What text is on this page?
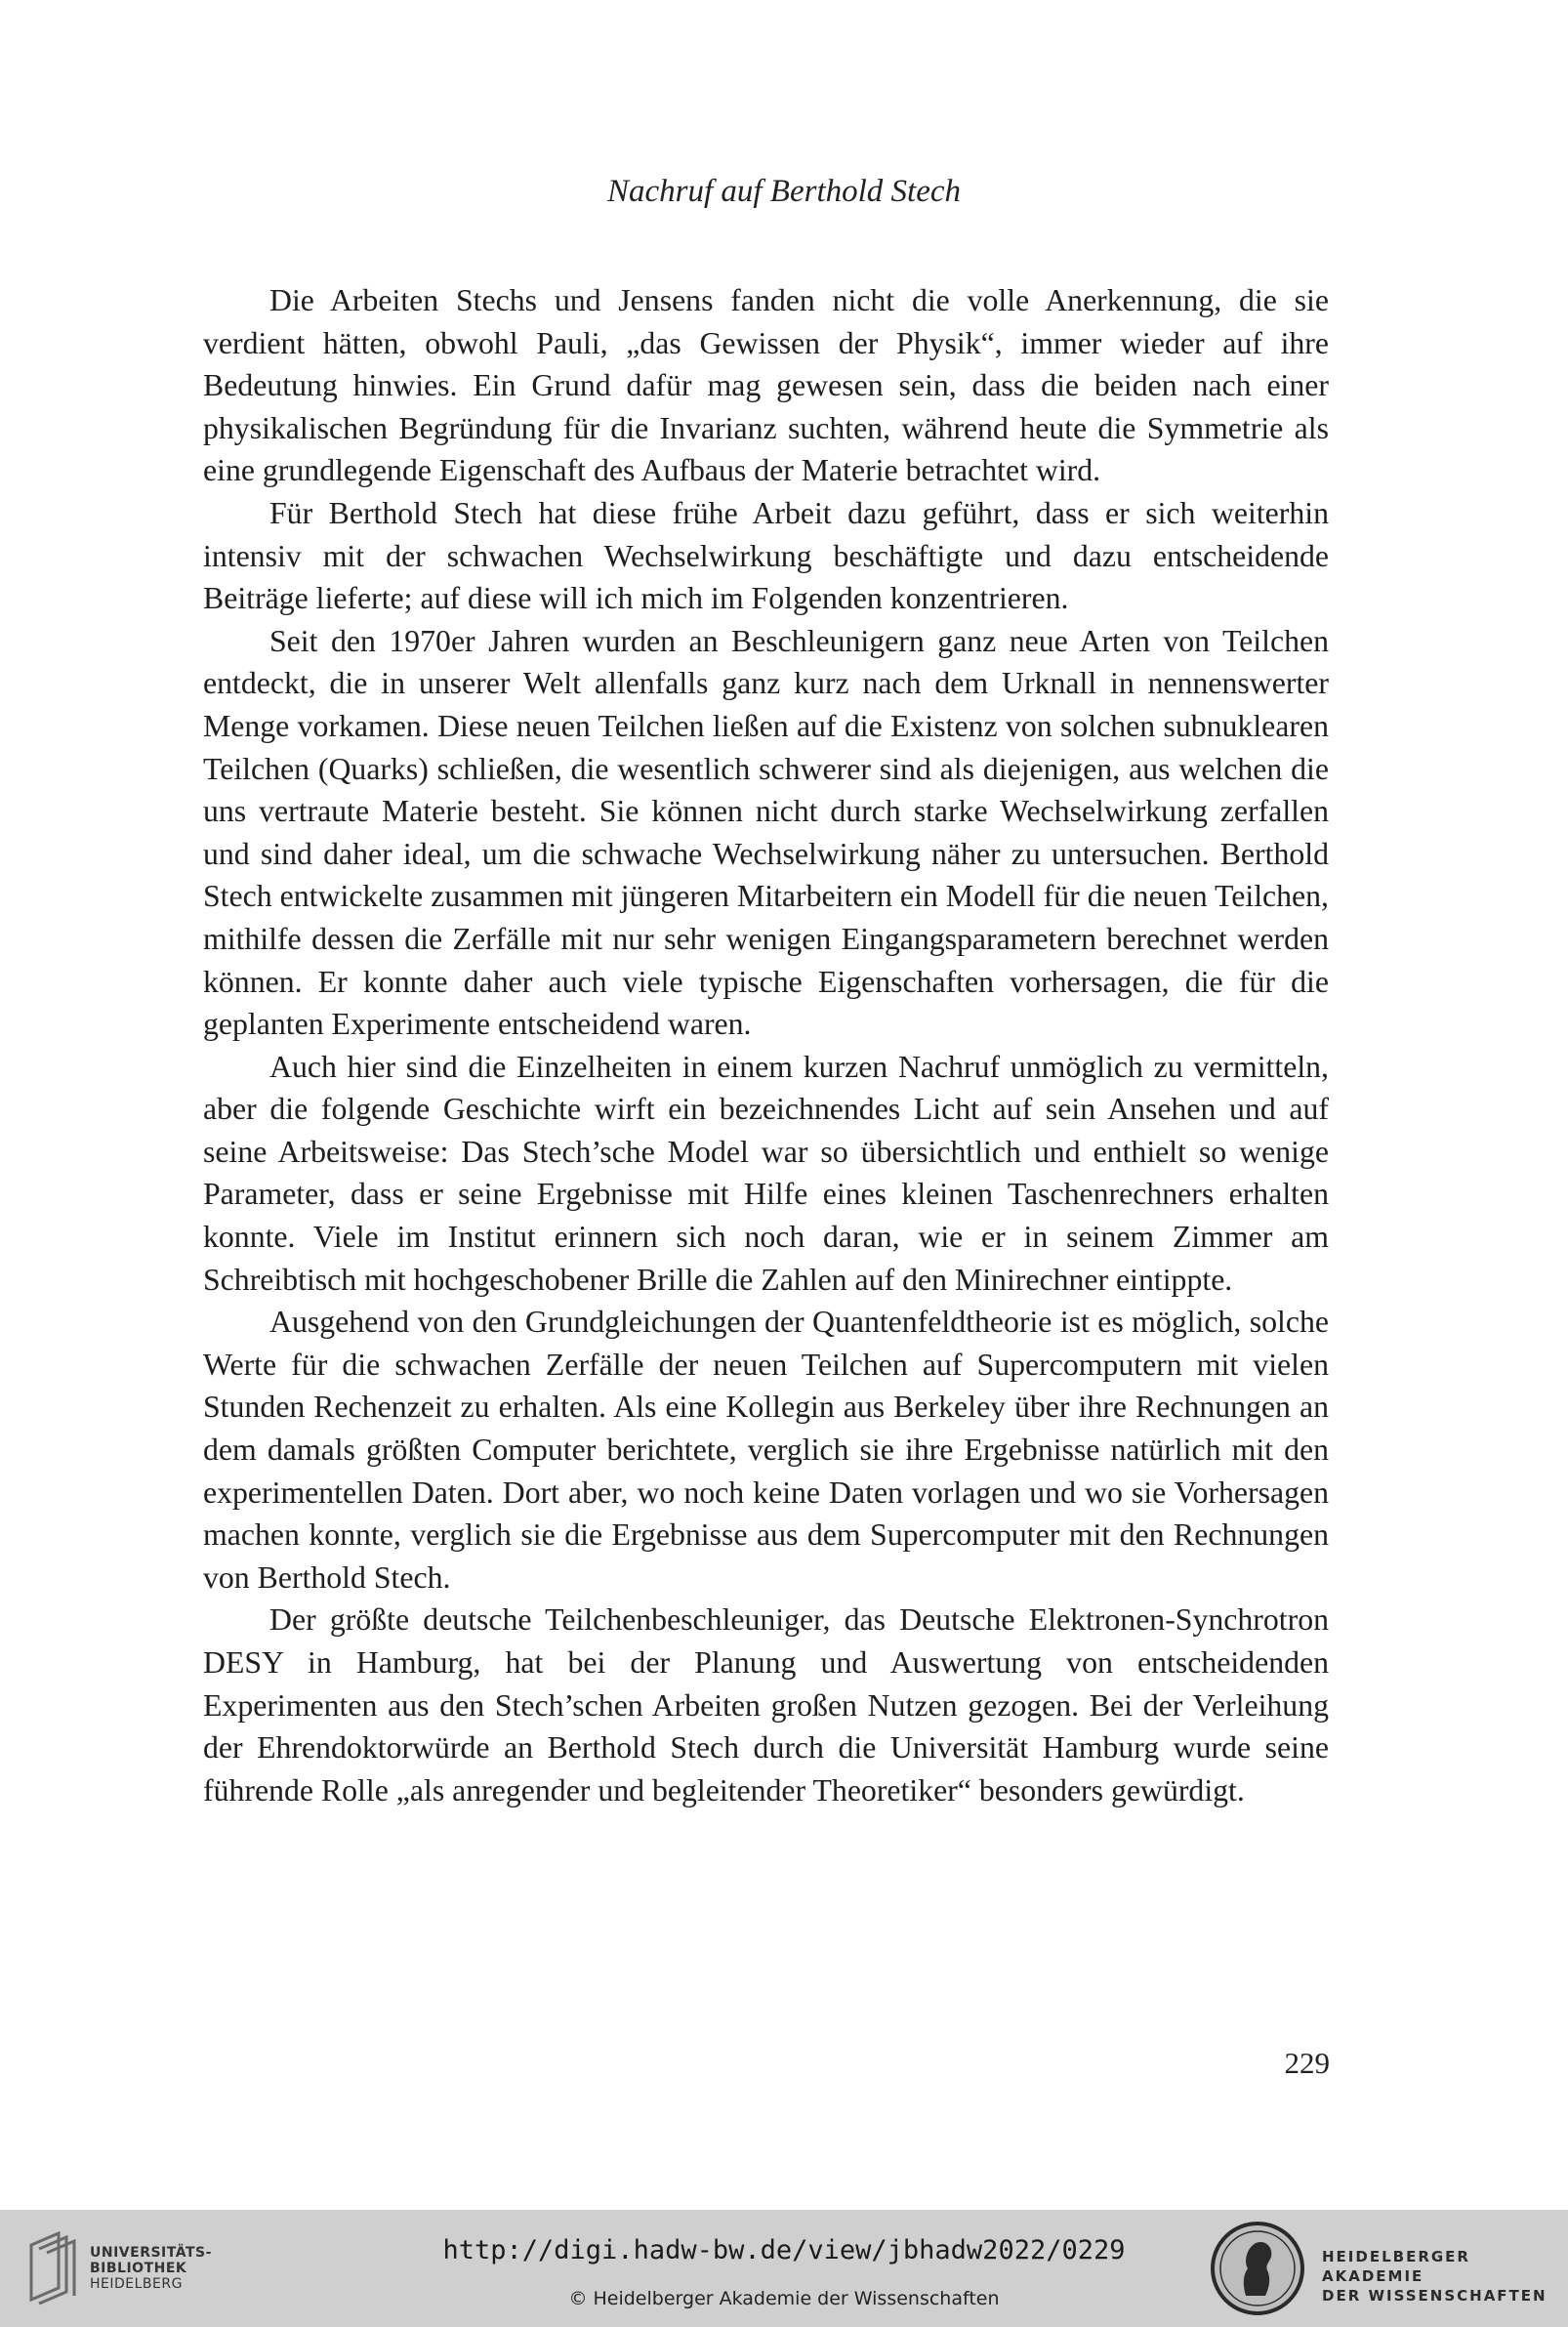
Nachruf auf Berthold Stech

Die Arbeiten Stechs und Jensens fanden nicht die volle Anerkennung, die sie verdient hätten, obwohl Pauli, „das Gewissen der Physik“, immer wieder auf ihre Bedeutung hinwies. Ein Grund dafür mag gewesen sein, dass die beiden nach einer physikalischen Begründung für die Invarianz suchten, während heute die Symmetrie als eine grundlegende Eigenschaft des Aufbaus der Materie betrachtet wird.

Für Berthold Stech hat diese frühe Arbeit dazu geführt, dass er sich weiterhin intensiv mit der schwachen Wechselwirkung beschäftigte und dazu entscheidende Beiträge lieferte; auf diese will ich mich im Folgenden konzentrieren.

Seit den 1970er Jahren wurden an Beschleunigern ganz neue Arten von Teilchen entdeckt, die in unserer Welt allenfalls ganz kurz nach dem Urknall in nennenswerter Menge vorkamen. Diese neuen Teilchen ließen auf die Existenz von solchen subnuklearen Teilchen (Quarks) schließen, die wesentlich schwerer sind als diejenigen, aus welchen die uns vertraute Materie besteht. Sie können nicht durch starke Wechselwirkung zerfallen und sind daher ideal, um die schwache Wechselwirkung näher zu untersuchen. Berthold Stech entwickelte zusammen mit jüngeren Mitarbeitern ein Modell für die neuen Teilchen, mithilfe dessen die Zerfälle mit nur sehr wenigen Eingangsparametern berechnet werden können. Er konnte daher auch viele typische Eigenschaften vorhersagen, die für die geplanten Experimente entscheidend waren.

Auch hier sind die Einzelheiten in einem kurzen Nachruf unmöglich zu vermitteln, aber die folgende Geschichte wirft ein bezeichnendes Licht auf sein Ansehen und auf seine Arbeitsweise: Das Stech’sche Model war so übersichtlich und enthielt so wenige Parameter, dass er seine Ergebnisse mit Hilfe eines kleinen Taschenrechners erhalten konnte. Viele im Institut erinnern sich noch daran, wie er in seinem Zimmer am Schreibtisch mit hochgeschobener Brille die Zahlen auf den Minirechner eintippte.

Ausgehend von den Grundgleichungen der Quantenfeldtheorie ist es möglich, solche Werte für die schwachen Zerfälle der neuen Teilchen auf Supercomputern mit vielen Stunden Rechenzeit zu erhalten. Als eine Kollegin aus Berkeley über ihre Rechnungen an dem damals größten Computer berichtete, verglich sie ihre Ergebnisse natürlich mit den experimentellen Daten. Dort aber, wo noch keine Daten vorlagen und wo sie Vorhersagen machen konnte, verglich sie die Ergebnisse aus dem Supercomputer mit den Rechnungen von Berthold Stech.

Der größte deutsche Teilchenbeschleuniger, das Deutsche Elektronen-Synchrotron DESY in Hamburg, hat bei der Planung und Auswertung von entscheidenden Experimenten aus den Stech’schen Arbeiten großen Nutzen gezogen. Bei der Verleihung der Ehrendoktorwürde an Berthold Stech durch die Universität Hamburg wurde seine führende Rolle „als anregender und begleitender Theoretiker“ besonders gewürdigt.

229
UNIVERSITÄTS-
BIBLIOTHEK
HEIDELBERG
http://digi.hadw-bw.de/view/jbhadw2022/0229
© Heidelberger Akademie der Wissenschaften
HEIDELBERGER AKADEMIE
DER WISSENSCHAFTEN
